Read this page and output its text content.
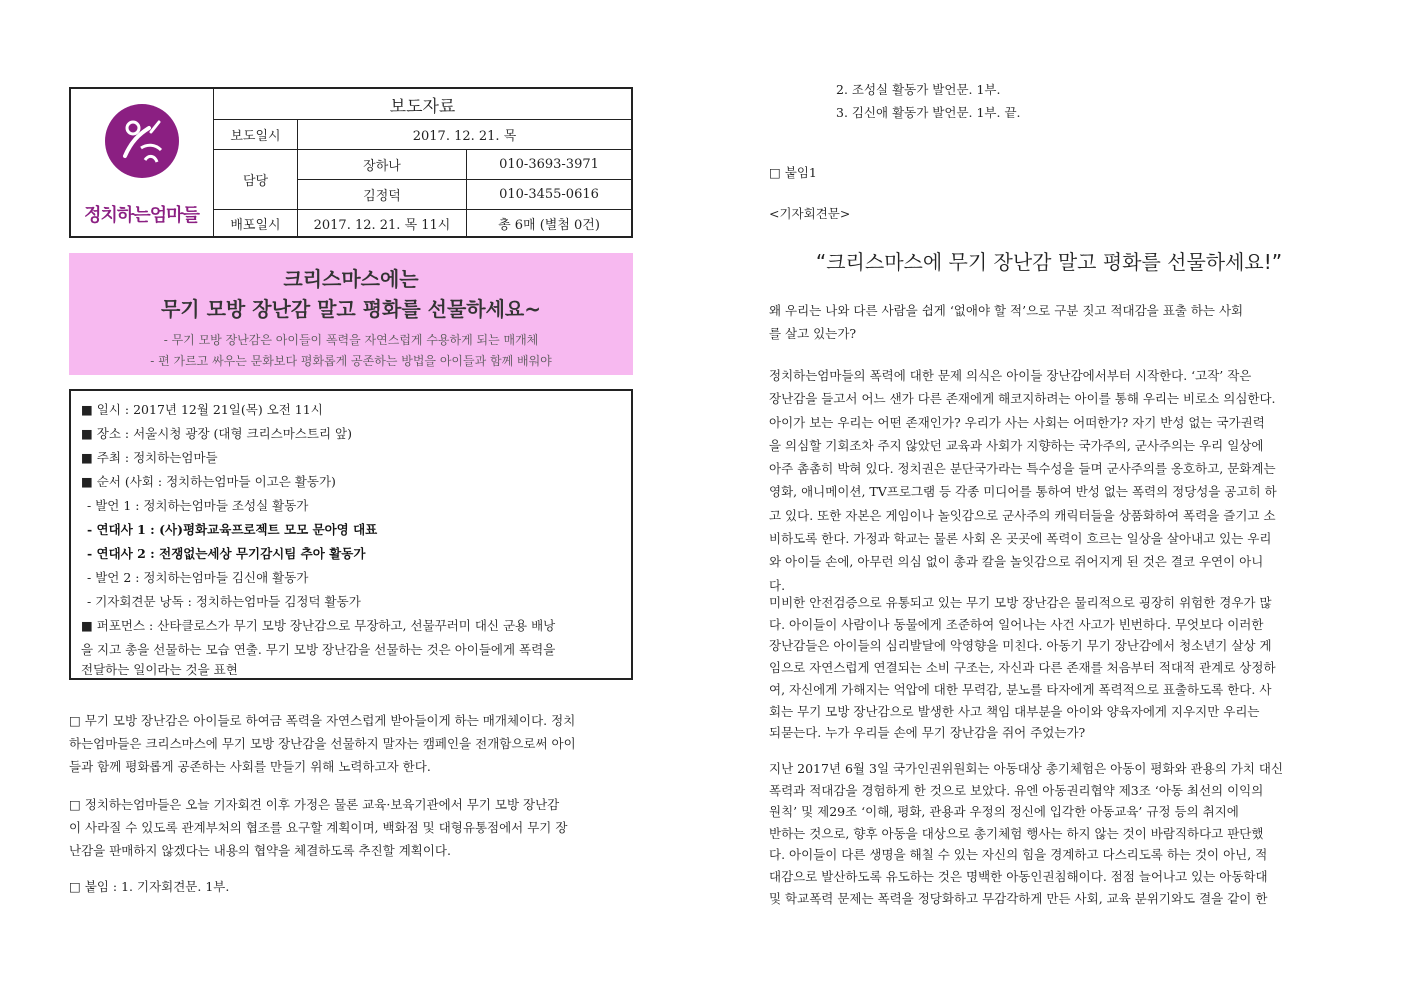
정치하는엄마들
보도자료
보도일시	2017. 12. 21. 목
담당
장하나	010-3693-3971
김정덕	010-3455-0616
배포일시	2017. 12. 21. 목 11시	총 6매 (별첨 0건)
크리스마스에는
무기 모방 장난감 말고 평화를 선물하세요~
- 무기 모방 장난감은 아이들이 폭력을 자연스럽게 수용하게 되는 매개체
- 편 가르고 싸우는 문화보다 평화롭게 공존하는 방법을 아이들과 함께 배워야
■ 일시 : 2017년 12월 21일(목) 오전 11시
■ 장소 : 서울시청 광장 (대형 크리스마스트리 앞)
■ 주최 : 정치하는엄마들
■ 순서 (사회 : 정치하는엄마들 이고은 활동가)
- 발언 1 : 정치하는엄마들 조성실 활동가
- 연대사 1 : (사)평화교육프로젝트 모모 문아영 대표
- 연대사 2 : 전쟁없는세상 무기감시팀 추아 활동가
- 발언 2 : 정치하는엄마들 김신애 활동가
- 기자회견문 낭독 : 정치하는엄마들 김정덕 활동가
■ 퍼포먼스 : 산타클로스가 무기 모방 장난감으로 무장하고, 선물꾸러미 대신 군용 배낭
을 지고 총을 선물하는 모습 연출. 무기 모방 장난감을 선물하는 것은 아이들에게 폭력을
전달하는 일이라는 것을 표현

□ 무기 모방 장난감은 아이들로 하여금 폭력을 자연스럽게 받아들이게 하는 매개체이다. 정치

하는엄마들은 크리스마스에 무기 모방 장난감을 선물하지 말자는 캠페인을 전개함으로써 아이

들과 함께 평화롭게 공존하는 사회를 만들기 위해 노력하고자 한다.

□ 정치하는엄마들은 오늘 기자회견 이후 가정은 물론 교육·보육기관에서 무기 모방 장난감

이 사라질 수 있도록 관계부처의 협조를 요구할 계획이며, 백화점 및 대형유통점에서 무기 장

난감을 판매하지 않겠다는 내용의 협약을 체결하도록 추진할 계획이다.

□ 붙임 : 1. 기자회견문. 1부.

2. 조성실 활동가 발언문. 1부.

3. 김신애 활동가 발언문. 1부. 끝.

□ 붙임1
<기자회견문>
“크리스마스에 무기 장난감 말고 평화를 선물하세요!”

왜 우리는 나와 다른 사람을 쉽게 ‘없애야 할 적’으로 구분 짓고 적대감을 표출 하는 사회

를 살고 있는가?

정치하는엄마들의 폭력에 대한 문제 의식은 아이들 장난감에서부터 시작한다. ‘고작’ 작은

장난감을 들고서 어느 샌가 다른 존재에게 해코지하려는 아이를 통해 우리는 비로소 의심한다.

아이가 보는 우리는 어떤 존재인가? 우리가 사는 사회는 어떠한가? 자기 반성 없는 국가권력

을 의심할 기회조차 주지 않았던 교육과 사회가 지향하는 국가주의, 군사주의는 우리 일상에

아주 촘촘히 박혀 있다. 정치권은 분단국가라는 특수성을 들며 군사주의를 옹호하고, 문화계는

영화, 애니메이션, TV프로그램 등 각종 미디어를 통하여 반성 없는 폭력의 정당성을 공고히 하

고 있다. 또한 자본은 게임이나 놀잇감으로 군사주의 캐릭터들을 상품화하여 폭력을 즐기고 소

비하도록 한다. 가정과 학교는 물론 사회 온 곳곳에 폭력이 흐르는 일상을 살아내고 있는 우리

와 아이들 손에, 아무런 의심 없이 총과 칼을 놀잇감으로 쥐어지게 된 것은 결코 우연이 아니

다.

미비한 안전검증으로 유통되고 있는 무기 모방 장난감은 물리적으로 굉장히 위험한 경우가 많

다. 아이들이 사람이나 동물에게 조준하여 일어나는 사건 사고가 빈번하다. 무엇보다 이러한

장난감들은 아이들의 심리발달에 악영향을 미친다. 아동기 무기 장난감에서 청소년기 살상 게

임으로 자연스럽게 연결되는 소비 구조는, 자신과 다른 존재를 처음부터 적대적 관계로 상정하

여, 자신에게 가해지는 억압에 대한 무력감, 분노를 타자에게 폭력적으로 표출하도록 한다. 사

회는 무기 모방 장난감으로 발생한 사고 책임 대부분을 아이와 양육자에게 지우지만 우리는

되묻는다. 누가 우리들 손에 무기 장난감을 쥐어 주었는가?

지난 2017년 6월 3일 국가인권위원회는 아동대상 총기체험은 아동이 평화와 관용의 가치 대신

폭력과 적대감을 경험하게 한 것으로 보았다. 유엔 아동권리협약 제3조 ‘아동 최선의 이익의

원칙’ 및 제29조 ‘이해, 평화, 관용과 우정의 정신에 입각한 아동교육’ 규정 등의 취지에

반하는 것으로, 향후 아동을 대상으로 총기체험 행사는 하지 않는 것이 바람직하다고 판단했

다. 아이들이 다른 생명을 해칠 수 있는 자신의 힘을 경계하고 다스리도록 하는 것이 아닌, 적

대감으로 발산하도록 유도하는 것은 명백한 아동인권침해이다. 점점 늘어나고 있는 아동학대

및 학교폭력 문제는 폭력을 정당화하고 무감각하게 만든 사회, 교육 분위기와도 결을 같이 한
